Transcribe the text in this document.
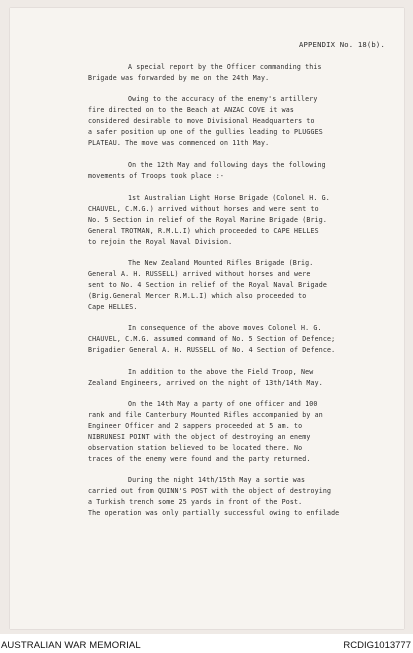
APPENDIX No. 18(b).
A special report by the Officer commanding this
Brigade was forwarded by me on the 24th May.
Owing to the accuracy of the enemy's artillery
fire directed on to the Beach at ANZAC COVE it was
considered desirable to move Divisional Headquarters to
a safer position up one of the gullies leading to PLUGGES
PLATEAU. The move was commenced on 11th May.
On the 12th May and following days the following
movements of Troops took place :-
1st Australian Light Horse Brigade (Colonel H. G.
CHAUVEL, C.M.G.) arrived without horses and were sent to
No. 5 Section in relief of the Royal Marine Brigade (Brig.
General TROTMAN, R.M.L.I) which proceeded to CAPE HELLES
to rejoin the Royal Naval Division.
The New Zealand Mounted Rifles Brigade (Brig.
General A. H. RUSSELL) arrived without horses and were
sent to No. 4 Section in relief of the Royal Naval Brigade
(Brig.General Mercer R.M.L.I) which also proceeded to
Cape HELLES.
In consequence of the above moves Colonel H. G.
CHAUVEL, C.M.G. assumed command of No. 5 Section of Defence;
Brigadier General A. H. RUSSELL of No. 4 Section of Defence.
In addition to the above the Field Troop, New
Zealand Engineers, arrived on the night of 13th/14th May.
On the 14th May a party of one officer and 100
rank and file Canterbury Mounted Rifles accompanied by an
Engineer Officer and 2 sappers proceeded at 5 am. to
NIBRUNESI POINT with the object of destroying an enemy
observation station believed to be located there. No
traces of the enemy were found and the party returned.
During the night 14th/15th May a sortie was
carried out from QUINN'S POST with the object of destroying
a Turkish trench some 25 yards in front of the Post.
The operation was only partially successful owing to enfilade
AUSTRALIAN WAR MEMORIAL	RCDIG1013777
